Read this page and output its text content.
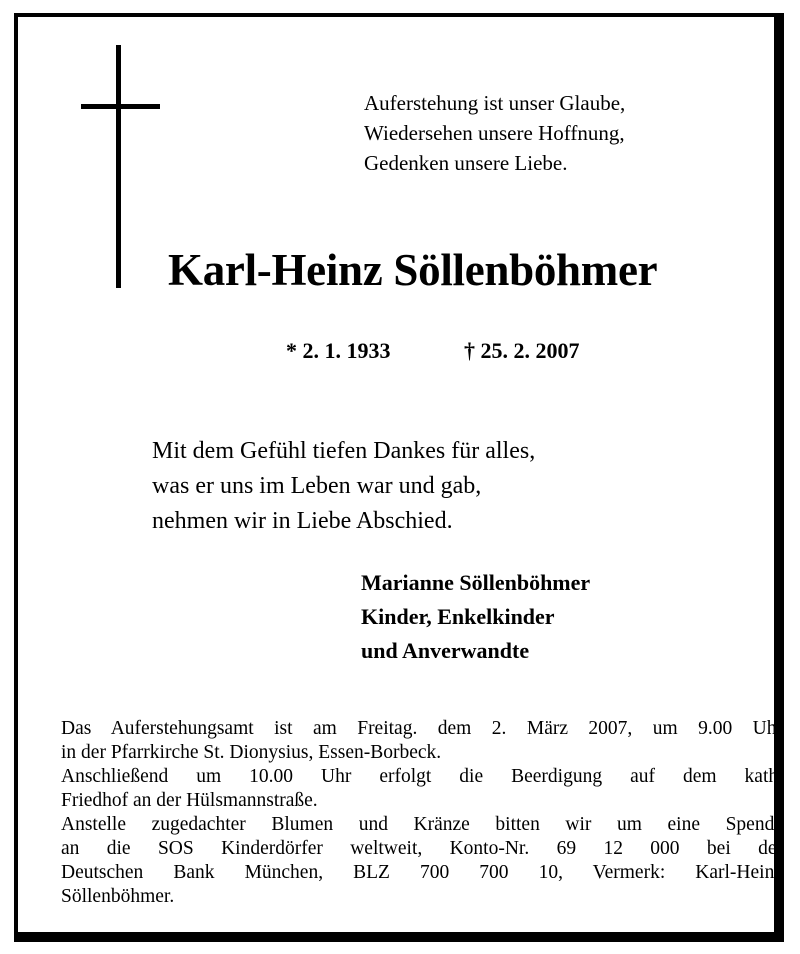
Auferstehung ist unser Glaube,
Wiedersehen unsere Hoffnung,
Gedenken unsere Liebe.
Karl-Heinz Söllenböhmer
* 2. 1. 1933	† 25. 2. 2007
Mit dem Gefühl tiefen Dankes für alles,
was er uns im Leben war und gab,
nehmen wir in Liebe Abschied.
Marianne Söllenböhmer
Kinder, Enkelkinder
und Anverwandte
Das Auferstehungsamt ist am Freitag. dem 2. März 2007, um 9.00 Uhr
in der Pfarrkirche St. Dionysius, Essen-Borbeck.
Anschließend um 10.00 Uhr erfolgt die Beerdigung auf dem kath.
Friedhof an der Hülsmannstraße.
Anstelle zugedachter Blumen und Kränze bitten wir um eine Spende
an die SOS Kinderdörfer weltweit, Konto-Nr. 69 12 000 bei der
Deutschen Bank München, BLZ 700 700 10, Vermerk: Karl-Heinz
Söllenböhmer.
